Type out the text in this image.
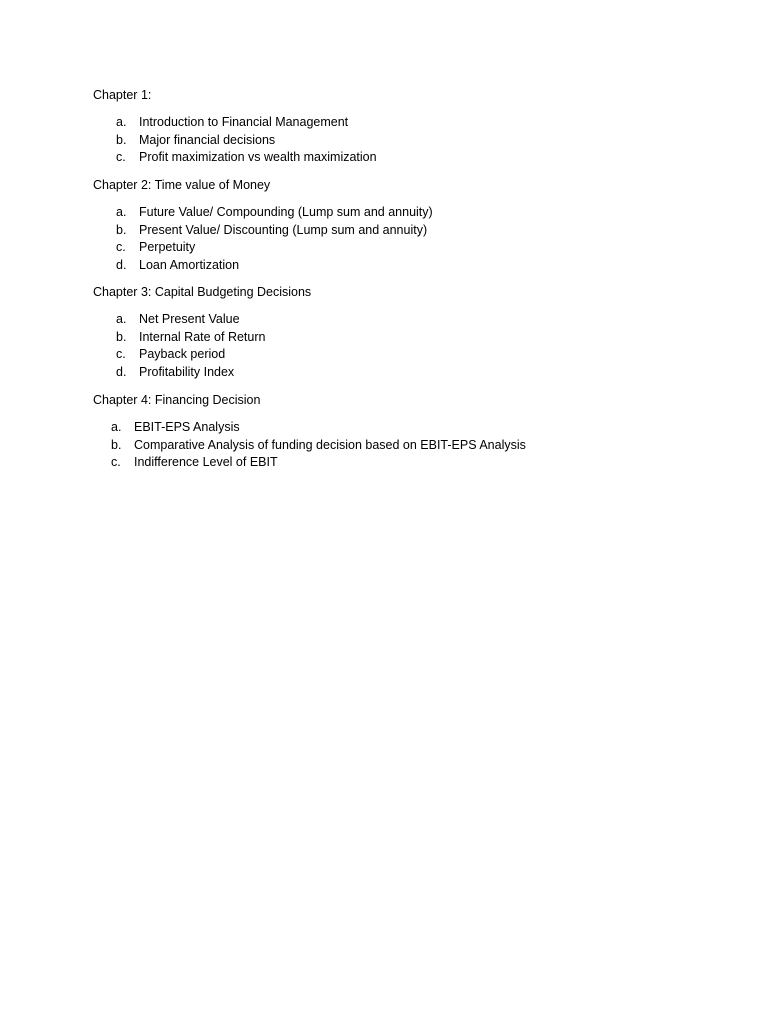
Chapter 1:
a. Introduction to Financial Management
b. Major financial decisions
c. Profit maximization vs wealth maximization
Chapter 2: Time value of Money
a. Future Value/ Compounding (Lump sum and annuity)
b. Present Value/ Discounting (Lump sum and annuity)
c. Perpetuity
d. Loan Amortization
Chapter 3: Capital Budgeting Decisions
a. Net Present Value
b. Internal Rate of Return
c. Payback period
d. Profitability Index
Chapter 4: Financing Decision
a. EBIT-EPS Analysis
b. Comparative Analysis of funding decision based on EBIT-EPS Analysis
c. Indifference Level of EBIT
